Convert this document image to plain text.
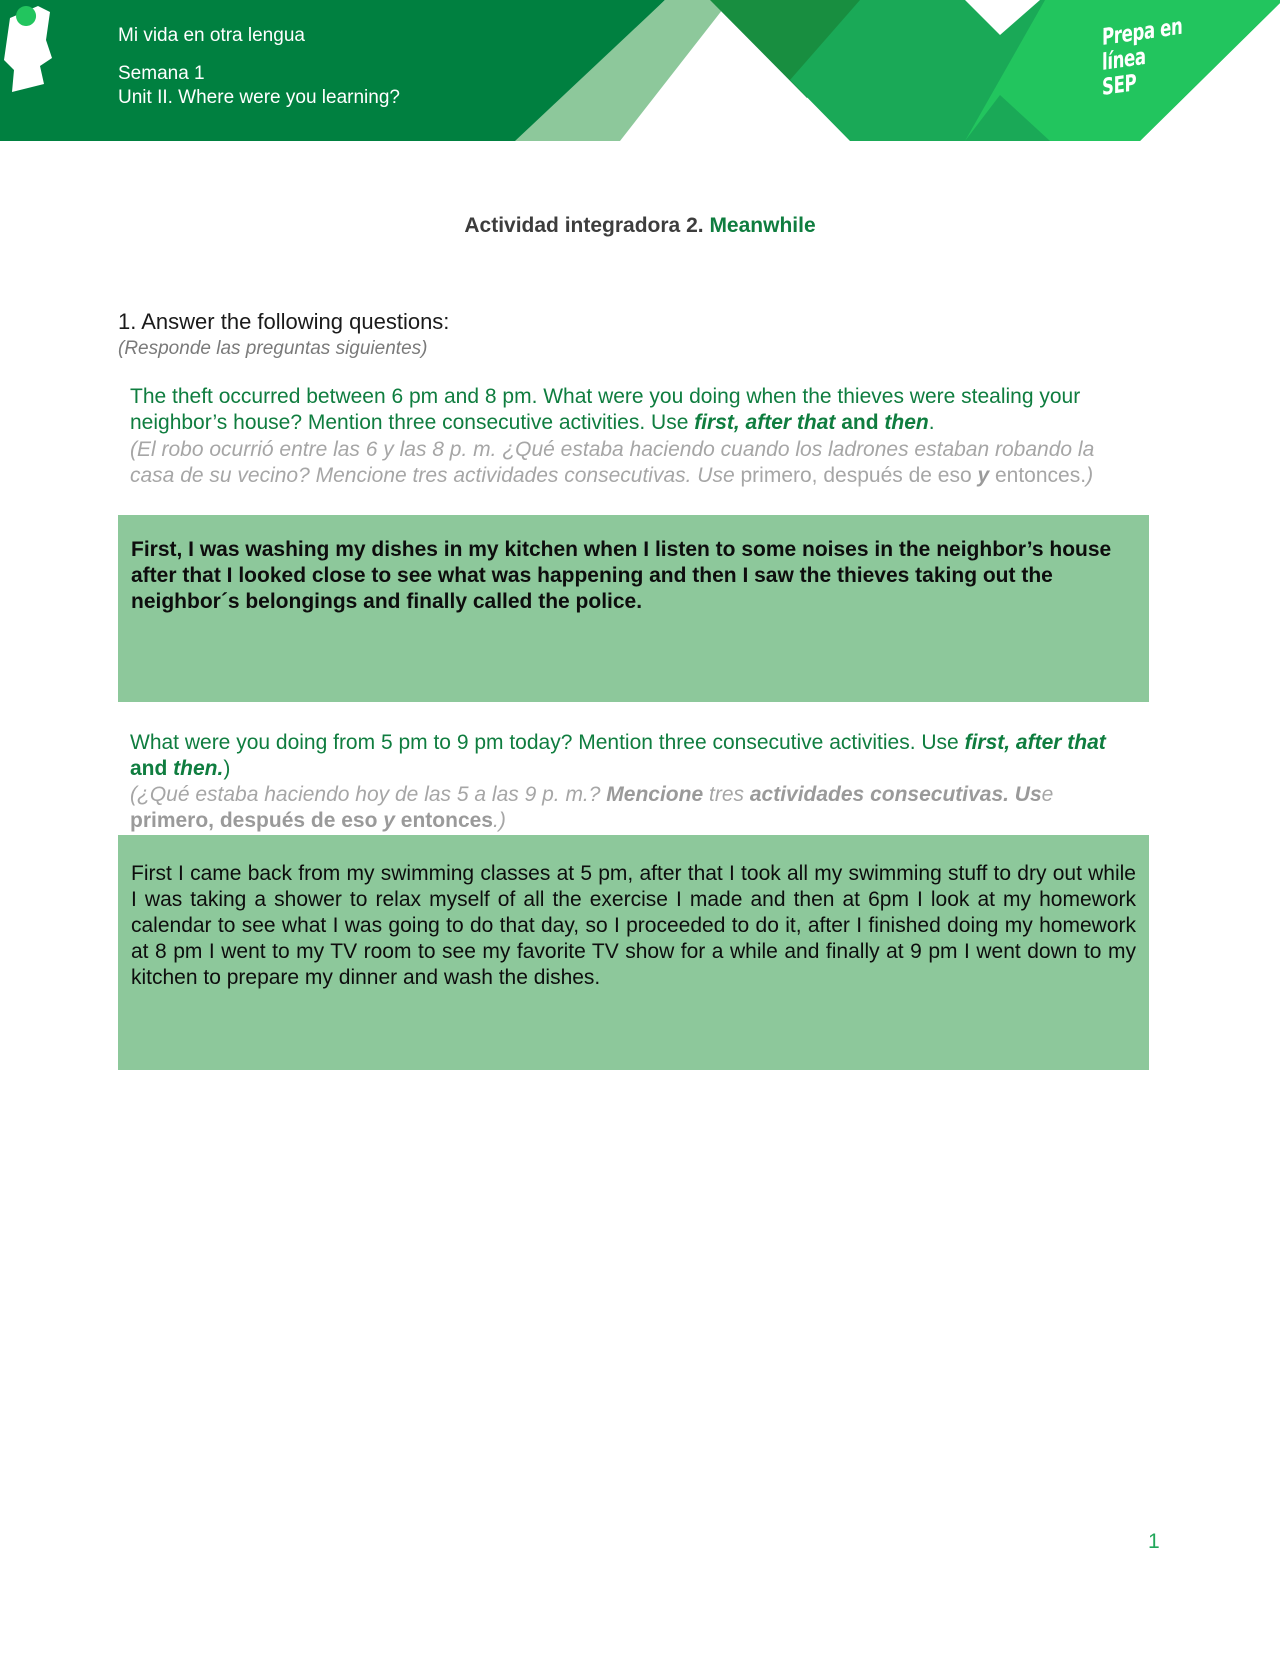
Prepa en
línea
SEP
Mi vida en otra lengua
Semana 1
Unit II. Where were you learning?
Actividad integradora 2. Meanwhile
1. Answer the following questions:
(Responde las preguntas siguientes)
The theft occurred between 6 pm and 8 pm. What were you doing when the thieves were stealing your neighbor’s house? Mention three consecutive activities. Use first, after that and then.
(El robo ocurrió entre las 6 y las 8 p. m. ¿Qué estaba haciendo cuando los ladrones estaban robando la casa de su vecino? Mencione tres actividades consecutivas. Use primero, después de eso y entonces.)
First, I was washing my dishes in my kitchen when I listen to some noises in the neighbor’s house after that I looked close to see what was happening and then I saw the thieves taking out the neighbor´s belongings and finally called the police.
What were you doing from 5 pm to 9 pm today? Mention three consecutive activities. Use first, after that and then.)
(¿Qué estaba haciendo hoy de las 5 a las 9 p. m.? Mencione tres actividades consecutivas. Use primero, después de eso y entonces.)
First I came back from my swimming classes at 5 pm, after that I took all my swimming stuff to dry out while I was taking a shower to relax myself of all the exercise I made and then at 6pm I look at my homework calendar to see what I was going to do that day, so I proceeded to do it, after I finished doing my homework at 8 pm I went to my TV room to see my favorite TV show for a while and finally at 9 pm I went down to my kitchen to prepare my dinner and wash the dishes.
1
